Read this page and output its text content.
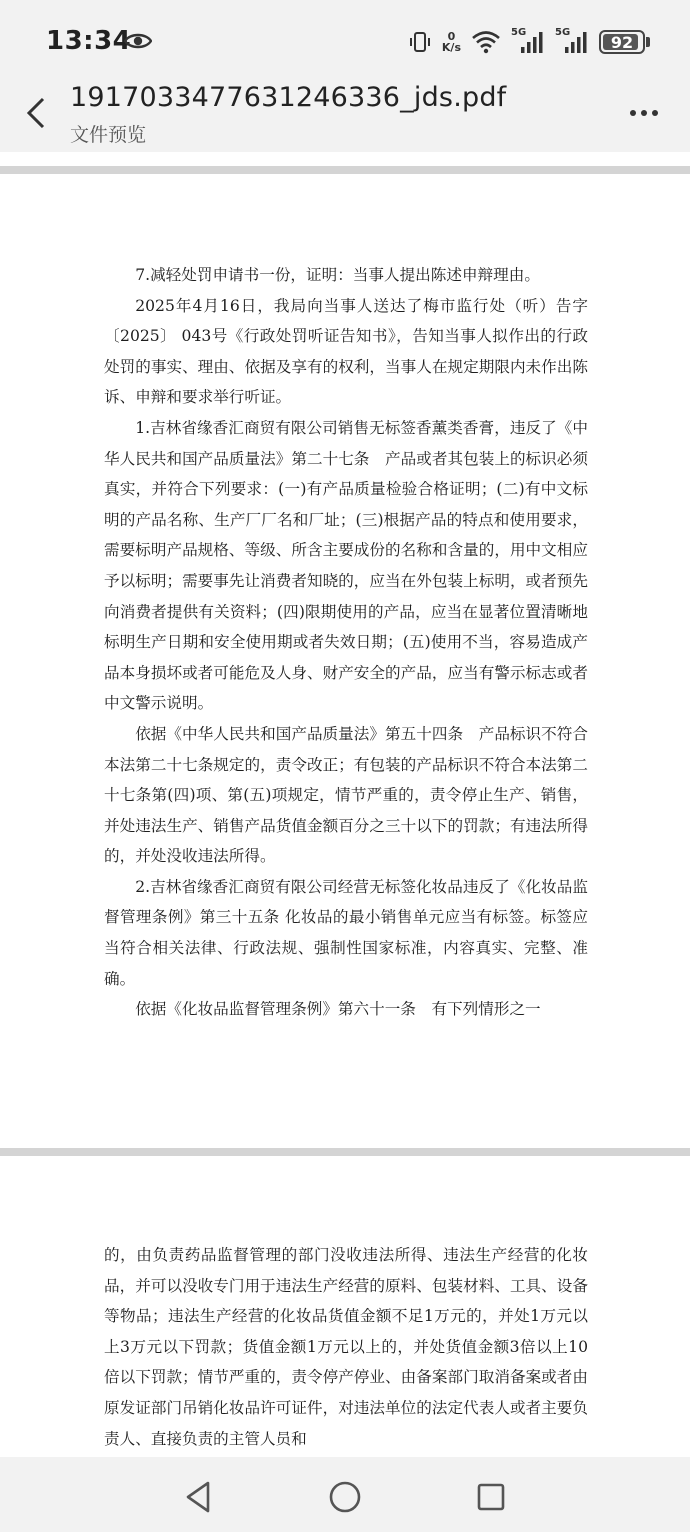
13:34	0
K/s
5G	5G	92
1917033477631246336_jds.pdf
文件预览

7.减轻处罚申请书一份，证明：当事人提出陈述申辩理由。

2025年4月16日，我局向当事人送达了梅市监行处（听）告字〔2025〕 043号《行政处罚听证告知书》，告知当事人拟作出的行政处罚的事实、理由、依据及享有的权利，当事人在规定期限内未作出陈诉、申辩和要求举行听证。

1.吉林省缘香汇商贸有限公司销售无标签香薰类香膏，违反了《中华人民共和国产品质量法》第二十七条　产品或者其包装上的标识必须真实，并符合下列要求：(一)有产品质量检验合格证明；(二)有中文标明的产品名称、生产厂厂名和厂址；(三)根据产品的特点和使用要求，需要标明产品规格、等级、所含主要成份的名称和含量的，用中文相应予以标明；需要事先让消费者知晓的，应当在外包装上标明，或者预先向消费者提供有关资料；(四)限期使用的产品，应当在显著位置清晰地标明生产日期和安全使用期或者失效日期；(五)使用不当，容易造成产品本身损坏或者可能危及人身、财产安全的产品，应当有警示标志或者中文警示说明。

依据《中华人民共和国产品质量法》第五十四条　产品标识不符合本法第二十七条规定的，责令改正；有包装的产品标识不符合本法第二十七条第(四)项、第(五)项规定，情节严重的，责令停止生产、销售，并处违法生产、销售产品货值金额百分之三十以下的罚款；有违法所得的，并处没收违法所得。

2.吉林省缘香汇商贸有限公司经营无标签化妆品违反了《化妆品监督管理条例》第三十五条 化妆品的最小销售单元应当有标签。标签应当符合相关法律、行政法规、强制性国家标准，内容真实、完整、准确。

依据《化妆品监督管理条例》第六十一条　有下列情形之一

的，由负责药品监督管理的部门没收违法所得、违法生产经营的化妆品，并可以没收专门用于违法生产经营的原料、包装材料、工具、设备等物品；违法生产经营的化妆品货值金额不足1万元的，并处1万元以上3万元以下罚款；货值金额1万元以上的，并处货值金额3倍以上10倍以下罚款；情节严重的，责令停产停业、由备案部门取消备案或者由原发证部门吊销化妆品许可证件，对违法单位的法定代表人或者主要负责人、直接负责的主管人员和
